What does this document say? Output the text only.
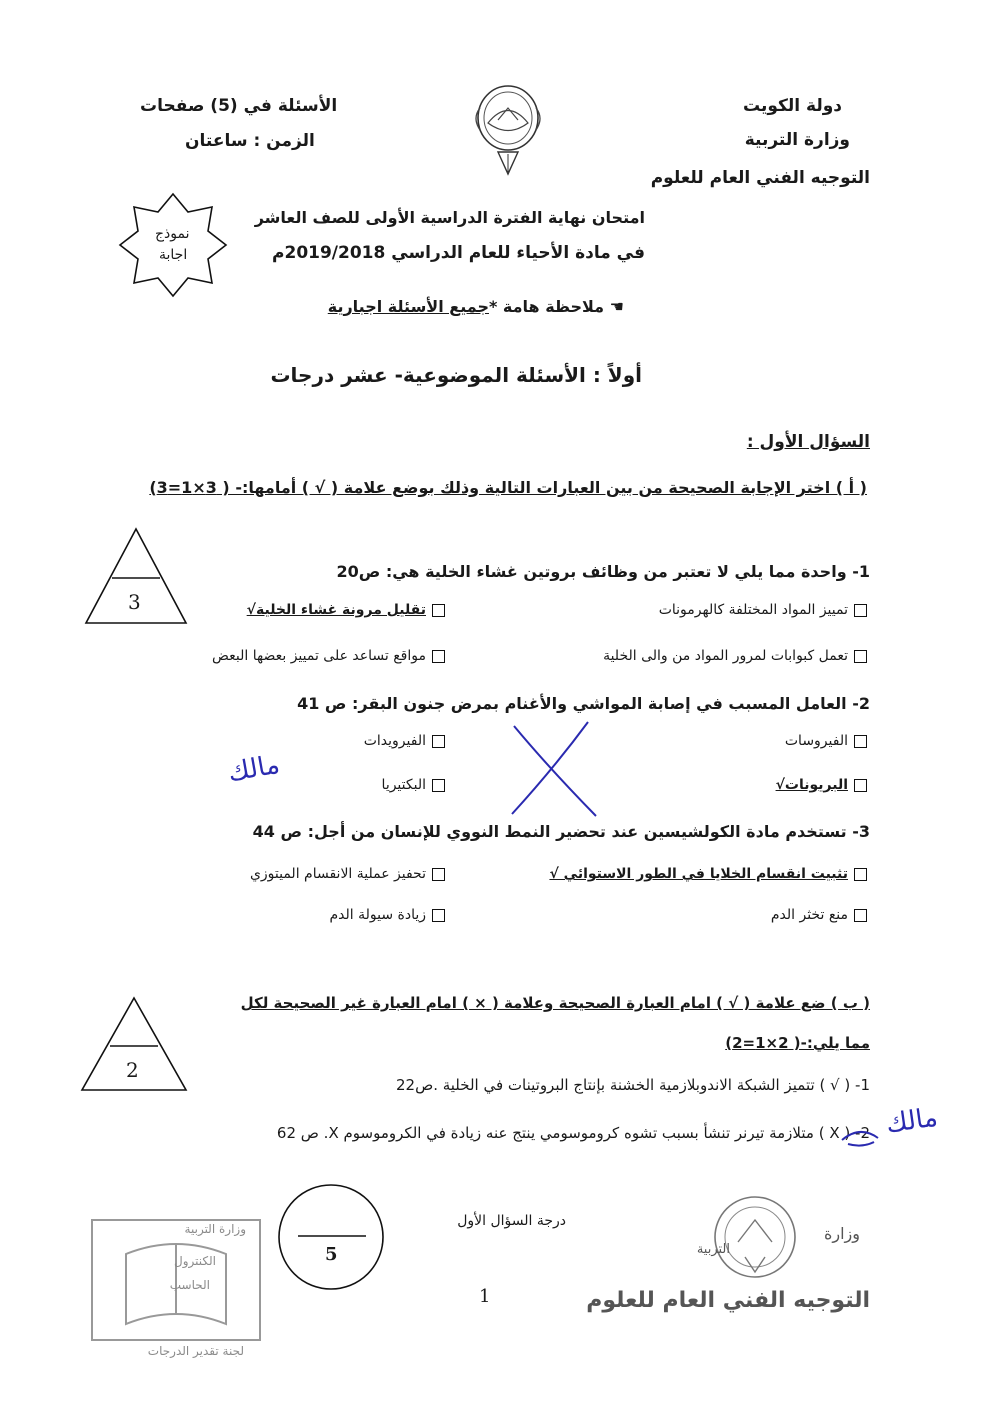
دولة الكويت
وزارة التربية
التوجيه الفني العام للعلوم
الأسئلة في (5) صفحات
الزمن : ساعتان
نموذج
اجابة
امتحان نهاية الفترة الدراسية الأولى للصف العاشر
في مادة الأحياء للعام الدراسي 2019/2018م
☚ ملاحظة هامة *جميع الأسئلة اجبارية
أولاً : الأسئلة الموضوعية- عشر درجات
السؤال الأول :
( أ ) اختر الإجابة الصحيحة من بين العبارات التالية وذلك بوضع علامة ( √ ) أمامها:- ( 3×1=3)
3
1- واحدة مما يلي لا تعتبر من وظائف بروتين غشاء الخلية هي: ص20
تمييز المواد المختلفة كالهرمونات
تقليل مرونة غشاء الخلية√
تعمل كبوابات لمرور المواد من والى الخلية
مواقع تساعد على تمييز بعضها البعض
2- العامل المسبب في إصابة المواشي والأغنام بمرض جنون البقر: ص 41
الفيروسات
الفيرويدات
البريونات√
البكتيريا
مالك
3- تستخدم مادة الكولشيسين عند تحضير النمط النووي للإنسان من أجل: ص 44
تثبيت انقسام الخلايا في الطور الاستوائي √
تحفيز عملية الانقسام الميتوزي
منع تخثر الدم
زيادة سيولة الدم
( ب ) ضع علامة ( √ ) امام العبارة الصحيحة وعلامة ( × ) امام العبارة غير الصحيحة لكل
مما يلي:-( 2×1=2)
2
1- ( √ ) تتميز الشبكة الاندوبلازمية الخشنة بإنتاج البروتينات في الخلية .ص22
2- ( X ) متلازمة تيرنر تنشأ بسبب تشوه كروموسومي ينتج عنه زيادة في الكروموسوم X. ص 62	مالك
5
درجة السؤال الأول
1
وزارة التربية
الكنترول
الحاسب
لجنة تقدير الدرجات
وزارة
التربية
التوجيه الفني العام للعلوم
